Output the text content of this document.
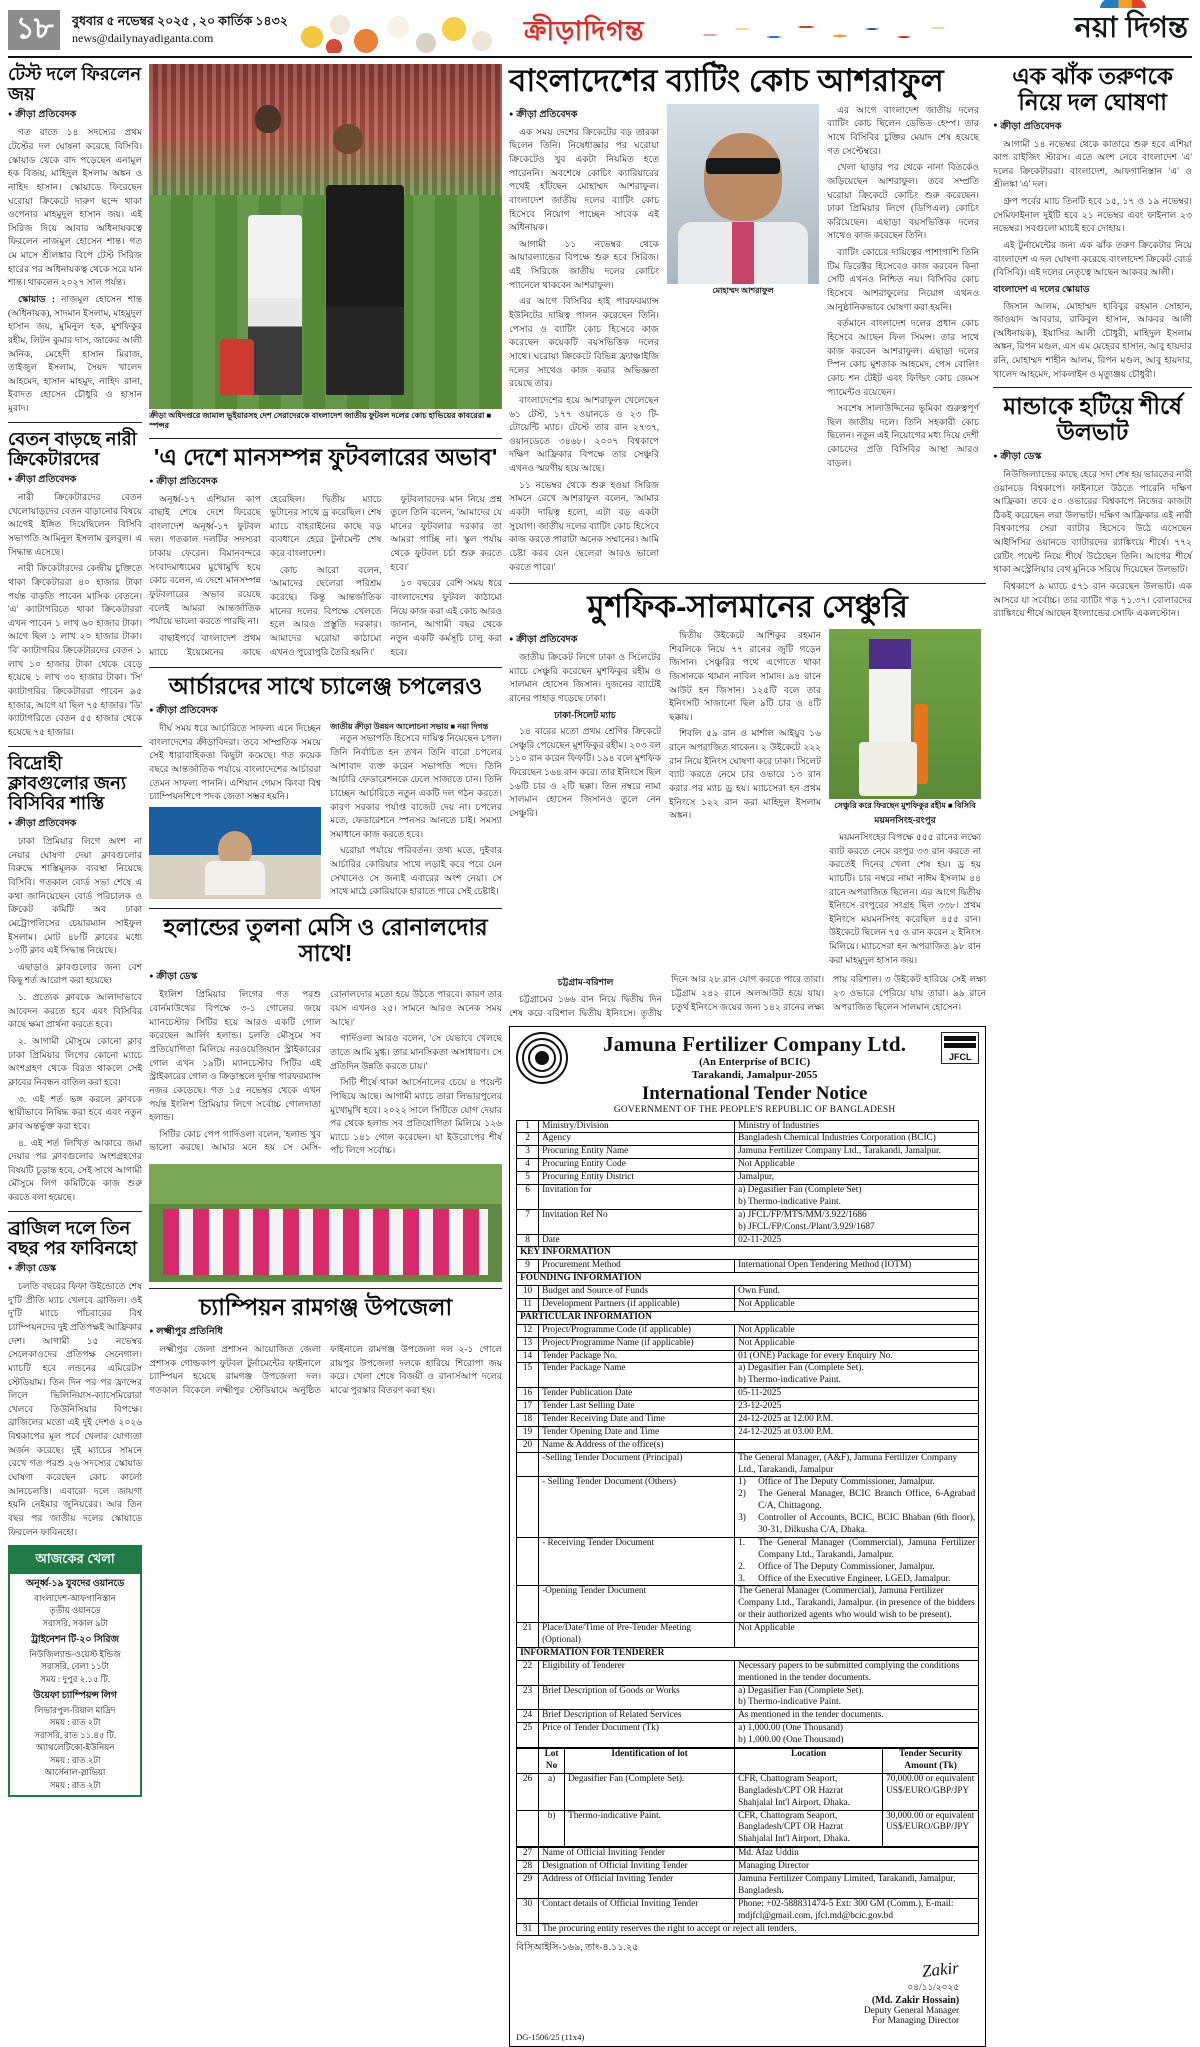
১৮	বুধবার ৫ নভেম্বর ২০২৫ , ২০ কার্তিক ১৪৩২
news@dailynayadiganta.com	ক্রীড়াদিগন্ত	নয়া দিগন্ত
টেস্ট দলে ফিরলেন জয়
● ক্রীড়া প্রতিবেদক

গত রাতে ১৪ সদস্যের প্রথম টেস্টের দল ঘোষনা করেছে বিসিবি। স্কোয়াড থেকে বাদ পড়েছেন এনামুল হক বিজয়, মাহিদুল ইসলাম অঙ্কন ও নাহিদ হাসান। স্কোয়াডে ফিরেছেন ঘরোয়া ক্রিকেটে দারুণ ছন্দে থাকা ওপেনার মাহমুদুল হাসান জয়। এই সিরিজ দিয়ে আবার অধিনায়কত্বে ফিরলেন নাজমুল হোসেন শান্ত। গত মে মাসে শ্রীলঙ্কার বিপে টেস্ট সিরিজ হারের পর অধিনায়কত্ব থেকে সরে যান শান্ত। থাকলেন ২০২৭ সাল পর্যন্ত।

স্কোয়াড : নাজমুল হোসেন শান্ত (অধিনায়ক), সাদমান ইসলাম, মাহমুদুল হাসান জয়, মুমিনুল হক, মুশফিকুর রহীম, লিটন কুমার দাস, জাকের আলী অনিক, মেহেদী হাসান মিরাজ, তাইজুল ইসলাম, সৈয়দ খালেদ আহমেদ, হাসান মাহমুদ, নাহিদ রানা, ইবাদত হোসেন চৌধুরি ও হাসান মুরাদ।

বেতন বাড়ছে নারী ক্রিকেটারদের
● ক্রীড়া প্রতিবেদক

নারী ক্রিকেটারদের বেতন খেলোয়াড়দের বেতন বাড়ানোর বিষয়ে আগেই ইঙ্গিত দিয়েছিলেন বিসিবি সভাপতি আমিনুল ইসলাম বুলবুল। এ সিদ্ধান্ত এসেছে।

নারী ক্রিকেটারদের কেন্দ্রীয় চুক্তিতে থাকা ক্রিকেটাররা ৪০ হাজার টাকা পর্যন্ত বাড়তি পাবেন মাসিক বেতনে। 'এ' ক্যাটাগরিতে থাকা ক্রিকেটাররা এখন পাবেন ১ লাখ ৬০ হাজার টাকা। আগে ছিল ১ লাখ ২০ হাজার টাকা। 'বি' ক্যাটাগরির ক্রিকেটারদের বেতন ১ লাখ ১০ হাজার টাকা থেকে বেড়ে হয়েছে ১ লাখ ৩০ হাজার টাকা। 'সি' ক্যাটাগরির ক্রিকেটাররা পাবেন ৯৫ হাজার, আগে যা ছিল ৭৫ হাজার। 'ডি' ক্যাটাগরিতে বেতন ৫৫ হাজার থেকে হয়েছে ৭৫ হাজার।

বিদ্রোহী ক্লাবগুলোর জন্য বিসিবির শাস্তি
● ক্রীড়া প্রতিবেদক

ঢাকা প্রিমিয়ার লিগে অংশ না নেয়ার ঘোষণা দেয়া ক্লাবগুলোর বিরুদ্ধে শাস্তিমূলক ব্যবস্থা নিয়েছে বিসিবি। গতকাল বোর্ড সভা শেষে এ কথা জানিয়েছেন বোর্ড পরিচালক ও ক্রিকেট কমিটি অব ঢাকা মেট্রোপলিসের চেয়ারম্যান সাইফুল ইসলাম। মোট ৪৮টি ক্লাবের মধ্যে ১৩টি ক্লাব এই সিদ্ধান্ত নিয়েছে।

এছাড়াও ক্লাবগুলোর জন্য বেশ কিছু শর্ত আরোপ করা হয়েছে।

১. প্রত্যেক ক্লাবকে আলাদাভাবে আবেদন করতে হবে এবং বিসিবির কাছে ক্ষমা প্রার্থনা করতে হবে।

২. আগামী মৌসুমে কোনো ক্লাব ঢাকা প্রিমিয়ার লিগের কোনো ম্যাচে অংশগ্রহণ থেকে বিরত থাকলে সেই ক্লাবের নিবন্ধন বাতিল করা হবে।

৩. এই শর্ত ভঙ্গ করলে ক্লাবকে স্থায়ীভাবে নিষিদ্ধ করা হবে এবং নতুন ক্লাব অন্তর্ভুক্ত করা হবে।

৪. এই শর্ত লিখিত আকারে জমা দেয়ার পর ক্লাবগুলোর অংশগ্রহণের বিষয়টি চূড়ান্ত হবে, সেই সাথে আগামী মৌসুমে লিগ কমিটিকে কাজ শুরু করতে বলা হয়েছে।

ব্রাজিল দলে তিন বছর পর ফাবিনহো
● ক্রীড়া ডেস্ক

চলতি বছরের ফিফা উইন্ডোতে শেষ দু'টি প্রীতি ম্যাচ খেলবে ব্রাজিল। ওই দু'টি ম্যাচে পাঁচবারের বিশ্ব চ্যাম্পিয়নদের দুই প্রতিপক্ষই আফ্রিকার দেশ। আগামী ১৫ নভেম্বর সেলেকাওদের প্রতিপক্ষ সেনেগাল। ম্যাচটি হবে লন্ডনের এমিরেটস স্টেডিয়াম। তিন দিন পর পর ফ্রান্সের লিলে ভিলিনিয়াস-ক্যাসেমিরোরা খেলবে তিউনিসিয়ার বিপক্ষে। ব্রাজিলের মতো এই দুই দেশও ২০২৬ বিশ্বকাপের মূল পর্বে খেলার যোগ্যতা অর্জন করেছে। দুই ম্যাচের সামনে রেখে গত পরশু ২৬ সদস্যের স্কোয়াড ঘোষণা করেছেন কোচ কার্লো আনচেলত্তি। এবারো দলে জায়গা হয়নি নেইমার জুনিয়রের। আর তিন বছর পর জাতীয় দলের স্কোয়াডে ফিরলেন ফাবিনহো।

আজকের খেলা
অনূর্ধ্ব-১৯ যুবদের ওয়ানডে
বাংলাদেশ-আফগানিস্তান
তৃতীয় ওয়ানডে
সরাসরি, সকাল ৯টা
ট্রাইনেশন টি-২০ সিরিজ
নিউজিল্যান্ড-ওয়েস্ট ইন্ডিজ
সরাসরি, বেলা ১১টা
সময় : দুপুর ২.১৫ টি.
উয়েফা চ্যাম্পিয়ন্স লিগ
লিভারপুল-রিয়াল মাদ্রিদ
সময় : রাত ২টা
সরাসরি, রাত ১১.৪৫ টি.
অ্যাথলেটিকো-ইউনিয়ন
সময় : রাত ২টা
আর্সেনাল-স্লাভিয়া
সময় : রাত ২টা
ক্রীড়া অধিদপ্তরে জামাল ভূইয়ারসহ দেশ সেরাদেরকে বাংলাদেশ জাতীয় ফুটবল দলের কোচ হাভিয়ের কাবরেরা ■ স্পন্সর
'এ দেশে মানসম্পন্ন ফুটবলারের অভাব'
● ক্রীড়া প্রতিবেদক

অনূর্ধ্ব-১৭ এশিয়ান কাপ বাছাই শেষে দেশে ফিরেছে বাংলাদেশ অনূর্ধ্ব-১৭ ফুটবল দল। গতকাল দলটির সদস্যরা ঢাকায় ফেরেন। বিমানবন্দরে সংবাদমাধ্যমের মুখোমুখি হয়ে কোচ বলেন, এ দেশে মানসম্পন্ন ফুটবলারের অভাব রয়েছে বলেই আমরা আন্তর্জাতিক পর্যায়ে ভালো করতে পারছি না।

বাছাইপর্বে বাংলাদেশ প্রথম ম্যাচে ইয়েমেনের কাছে হেরেছিল। দ্বিতীয় ম্যাচে ভুটানের সাথে ড্র করেছিল। শেষ ম্যাচে বাহরাইনের কাছে বড় ব্যবধানে হেরে টুর্নামেন্ট শেষ করে বাংলাদেশ।

কোচ আরো বলেন, 'আমাদের ছেলেরা পরিশ্রম করেছে। কিন্তু আন্তর্জাতিক মানের দলের বিপক্ষে খেলতে হলে আরও প্রস্তুতি দরকার। আমাদের ঘরোয়া কাঠামো এখনও পুরোপুরি তৈরি হয়নি।'

ফুটবলারদের মান নিয়ে প্রশ্ন তুলে তিনি বলেন, 'আমাদের যে মানের ফুটবলার দরকার তা আমরা পাচ্ছি না। স্কুল পর্যায় থেকে ফুটবল চর্চা শুরু করতে হবে।'

১০ বছরের বেশি সময় ধরে বাংলাদেশের ফুটবল কাঠামো নিয়ে কাজ করা এই কোচ আরও জানান, আগামী বছর থেকে নতুন একটি কর্মসূচি চালু করা হবে।

আর্চারদের সাথে চ্যালেঞ্জ চপলেরও
● ক্রীড়া প্রতিবেদক

দীর্ঘ সময় ধরে আর্চারিতে সাফল্য এনে দিচ্ছেন বাংলাদেশের ক্রীড়াবিদরা। তবে সাম্প্রতিক সময়ে সেই ধারাবাহিকতা কিছুটা কমেছে। গত কয়েক বছরে আন্তর্জাতিক পর্যায়ে বাংলাদেশের আর্চাররা তেমন সাফল্য পাননি। এশিয়ান গেমস কিংবা বিশ্ব চ্যাম্পিয়নশিপে পদক জেতা সম্ভব হয়নি।

জাতীয় ক্রীড়া উন্নয়ন আলোচনা সভায় ■ নয়া দিগন্ত

নতুন সভাপতি হিসেবে দায়িত্ব নিয়েছেন চপল। তিনি নির্বাচিত হন তখন তিনি বারো চপলের আশাবাদ ব্যক্ত করেন সভাপতি পদে। তিনি আর্চারি ফেডারেশনকে ঢেলে সাজাতে চান। তিনি চাচ্ছেন আর্চারিতে নতুন একটি দল গঠন করতে। কারণ সরকার পর্যাপ্ত বাজেট দেয় না। চপলের মতে, ফেডারেশনে স্পনসর আনতে চাই। সমস্যা সমাধানে কাজ করতে হবে।

ঘরোয়া পর্যায়ে পরিবর্তন। তথ্য মতে, দুইবার আর্চারির কোরিয়ার সাথে লড়াই করে পরে যেন সেখানেও সে জন্যই এবারের অংশ নেয়া। সে সাথে মাঠে কোরিয়াকে হারাতে পারে সেই চেষ্টাই।

হলান্ডের তুলনা মেসি ও রোনালদোর সাথে!
● ক্রীড়া ডেস্ক

ইংলিশ প্রিমিয়ার লিগের গত পরশু বোর্নমাউথের বিপক্ষে ৩-১ গোলের জয়ে ম্যানচেস্টার সিটির হয়ে আরও একটি গোল করেছেন আর্লিং হলান্ড। চলতি মৌসুমে সব প্রতিযোগিতা মিলিয়ে নরওয়েজিয়ান স্ট্রাইকারের গোল এখন ১৯টি। ম্যানচেস্টার সিটির এই স্ট্রাইকারের গোল ও ক্রিড়াস্থলে দুর্দান্ত পারফরম্যান্স নজর কেড়েছে। গত ১৫ নভেম্বর থেকে এখন পর্যন্ত ইংলিশ প্রিমিয়ার লিগে সর্বোচ্চ গোলদাতা হলান্ড।

সিটির কোচ পেপ গার্দিওলা বলেন, 'হলান্ড খুব ভালো করছে। আমার মনে হয় সে মেসি-রোনালদোর মতো হয়ে উঠতে পারবে। কারণ তার বয়স এখনও ২৫। সামনে আরও অনেক সময় আছে।'

গার্দিওলা আরও বলেন, 'সে যেভাবে খেলছে তাতে আমি মুগ্ধ। তার মানসিকতা অসাধারণ। সে প্রতিদিন উন্নতি করতে চায়।'

সিটি শীর্ষে থাকা আর্সেনালের চেয়ে ৪ পয়েন্ট পিছিয়ে আছে। আগামী ম্যাচে তারা লিভারপুলের মুখোমুখি হবে। ২০২২ সালে সিটিতে যোগ দেয়ার পর থেকে হলান্ড সব প্রতিযোগিতা মিলিয়ে ১২৬ ম্যাচে ১৪১ গোল করেছেন। যা ইউরোপের শীর্ষ পাঁচ লিগে সর্বোচ্চ।

চ্যাম্পিয়ন রামগঞ্জ উপজেলা
● লক্ষ্মীপুর প্রতিনিধি

লক্ষ্মীপুর জেলা প্রশাসন আয়োজিত জেলা প্রশাসক গোল্ডকাপ ফুটবল টুর্নামেন্টের ফাইনালে চ্যাম্পিয়ন হয়েছে রামগঞ্জ উপজেলা দল। গতকাল বিকেলে লক্ষ্মীপুর স্টেডিয়ামে অনুষ্ঠিত ফাইনালে রামগঞ্জ উপজেলা দল ২-১ গোলে রায়পুর উপজেলা দলকে হারিয়ে শিরোপা জয় করে। খেলা শেষে বিজয়ী ও রানার্সআপ দলের মাঝে পুরস্কার বিতরণ করা হয়।

বাংলাদেশের ব্যাটিং কোচ আশরাফুল
● ক্রীড়া প্রতিবেদক

এক সময় দেশের ক্রিকেটের বড় তারকা ছিলেন তিনি। নিষেধাজ্ঞার পর ঘরোয়া ক্রিকেটেও খুব একটা নিয়মিত হতে পারেননি। অবশেষে কোচিং ক্যারিয়ারের পথেই হাঁটছেন মোহাম্মদ আশরাফুল। বাংলাদেশ জাতীয় দলের ব্যাটিং কোচ হিসেবে নিয়োগ পাচ্ছেন সাবেক এই অধিনায়ক।

আগামী ১১ নভেম্বর থেকে আয়ারল্যান্ডের বিপক্ষে শুরু হবে সিরিজ। এই সিরিজে জাতীয় দলের কোচিং প্যানেলে থাকবেন আশরাফুল।

এর আগে বিসিবির হাই পারফরম্যান্স ইউনিটের দায়িত্ব পালন করেছেন তিনি। পেসার ও ব্যাটিং কোচ হিসেবে কাজ করেছেন কয়েকটি বয়সভিত্তিক দলের সাথে। ঘরোয়া ক্রিকেটে বিভিন্ন ফ্র্যাঞ্চাইজি দলের সাথেও কাজ করার অভিজ্ঞতা রয়েছে তার।

বাংলাদেশের হয়ে আশরাফুল খেলেছেন ৬১ টেস্ট, ১৭৭ ওয়ানডে ও ২৩ টি-টোয়েন্টি ম্যাচ। টেস্টে তার রান ২৭৩৭, ওয়ানডেতে ৩৪৬৮। ২০০৭ বিশ্বকাপে দক্ষিণ আফ্রিকার বিপক্ষে তার সেঞ্চুরি এখনও স্মরণীয় হয়ে আছে।

১১ নভেম্বর থেকে শুরু হওয়া সিরিজ সামনে রেখে আশরাফুল বলেন, 'আমার একটা দায়িত্ব হলো, এটা বড় একটা সুযোগ। জাতীয় দলের ব্যাটিং কোচ হিসেবে কাজ করতে পারাটা অনেক সম্মানের। আমি চেষ্টা করব যেন ছেলেরা আরও ভালো করতে পারে।'

মোহাম্মদ আশরাফুল

এর আগে বাংলাদেশ জাতীয় দলের ব্যাটিং কোচ ছিলেন ডেভিড হেম্প। তার সাথে বিসিবির চুক্তির মেয়াদ শেষ হয়েছে গত সেপ্টেম্বরে।

খেলা ছাড়ার পর থেকে নানা বিতর্কেও জড়িয়েছেন আশরাফুল। তবে সম্প্রতি ঘরোয়া ক্রিকেটে কোচিং শুরু করেছেন। ঢাকা প্রিমিয়ার লিগে (ডিপিএল) কোচিং করিয়েছেন। এছাড়া বয়সভিত্তিক দলের সাথেও কাজ করেছেন তিনি।

ব্যাটিং কোচের দায়িত্বের পাশাপাশি তিনি টিম ডিরেক্টর হিসেবেও কাজ করবেন কিনা সেটি এখনও নিশ্চিত নয়। বিসিবির কোচ হিসেবে আশরাফুলের নিয়োগ এখনও আনুষ্ঠানিকভাবে ঘোষণা করা হয়নি।

বর্তমানে বাংলাদেশ দলের প্রধান কোচ হিসেবে আছেন ফিল সিমন্স। তার সাথে কাজ করবেন আশরাফুল। এছাড়া দলের স্পিন কোচ মুশতাক আহমেদ, পেস বোলিং কোচ শন টেইট এবং ফিল্ডিং কোচ জেমস প্যামেন্টও রয়েছেন।

সবশেষ সালাউদ্দিনের ভূমিকা গুরুত্বপূর্ণ ছিল জাতীয় দলে। তিনি সহকারী কোচ ছিলেন। নতুন এই নিয়োগের মধ্য দিয়ে দেশী কোচদের প্রতি বিসিবির আস্থা আরও বাড়ল।

মুশফিক-সালমানের সেঞ্চুরি
● ক্রীড়া প্রতিবেদক

জাতীয় ক্রিকেট লিগে ঢাকা ও সিলেটের ম্যাচে সেঞ্চুরি করেছেন মুশফিকুর রহীম ও সালমান হোসেন জিসান। দুজনের ব্যাটেই রানের পাহাড় গড়েছে ঢাকা।

ঢাকা-সিলেট ম্যাচ

১৪ বারের মতো প্রথম শ্রেণির ক্রিকেটে সেঞ্চুরি পেয়েছেন মুশফিকুর রহীম। ২০৩ বল ১১০ রান করেন ফিফটি। ১৯৪ বলে মুশফিক ফিরেছেন ১৬৪ রান করে। তার ইনিংসে ছিল ১৬টি চার ও ২টি ছক্কা। তিন নম্বরে নামা সালমান হোসেন জিসানও তুলে নেন সেঞ্চুরি।

দ্বিতীয় উইকেটে আশিকুর রহমান শিবলিকে নিয়ে ৭৭ রানের জুটি গড়েন জিসান। সেঞ্চুরির পথে এগোতে থাকা জিসানকে থামান নাবিল সামাদ। ৯৪ রানে আউট হন জিসান। ১২৫টি বলে তার ইনিংসটি সাজানো ছিল ৯টি চার ও ৪টি ছক্কায়।

শিবলি ৫৯ রান ও মার্শাল আইয়ুব ১৬ রানে অপরাজিত থাকেন। ২ উইকেটে ২২২ রান নিয়ে ইনিংস ঘোষণা করে ঢাকা। সিলেট ব্যাট করতে নেমে চার ওভারে ১৩ রান করার পর ম্যাচ ড্র হয়। ম্যাচসেরা হন প্রথম ইনিংসে ১২২ রান করা মাহিদুল ইসলাম অঙ্কন।

সেঞ্চুরি করে ফিরছেন মুশফিকুর রহীম ■ বিসিবি

ময়মনসিংহ-রংপুর

ময়মনসিংহের বিপক্ষে ৫৫৫ রানের লক্ষ্যে ব্যাট করতে নেমে রংপুর ৩৩ রান করতে না করতেই দিনের খেলা শেষ হয়। ড্র হয় ম্যাচটি। চার নম্বরে নামা নাঈম ইসলাম ৪৪ রানে অপরাজিত ছিলেন। এর আগে দ্বিতীয় ইনিংসে রংপুরের সংগ্রহ ছিল ৩৩৮। প্রথম ইনিংসে ময়মনসিংহ করেছিল ৪৫৫ রান। উইকেটে ছিলেন ৭৫ ও রান করেন ২ ইনিংস মিলিয়ে। ম্যাচসেরা হন অপরাজিত ৯৮ রান করা মাহমুদুল হাসান জয়।

চট্টগ্রাম-বরিশাল

চট্টগ্রামের ১৬৬ রান নিয়ে দ্বিতীয় দিন শেষ করে বরিশাল দ্বিতীয় ইনিংসে। তৃতীয় দিনে আর ২৮ রান যোগ করতে পারে তারা। চট্টগ্রাম ২৪২ রানে অলআউট হয়ে যায়। চতুর্থ ইনিংসে জয়ের জন্য ১৪২ রানের লক্ষ্য পায় বরিশাল। ৩ উইকেট হারিয়ে সেই লক্ষ্য ২৩ ওভারে পেরিয়ে যায় তারা। ৯৯ রানে অপরাজিত ছিলেন সালমান হোসেন।

Jamuna Fertilizer Company Ltd.
(An Enterprise of BCIC)
Tarakandi, Jamalpur-2055
International Tender Notice
GOVERNMENT OF THE PEOPLE'S REPUBLIC OF BANGLADESH
JFCL
1	Ministry/Division	Ministry of Industries

2	Agency	Bangladesh Chemical Industries Corporation (BCIC)

3	Procuring Entity Name	Jamuna Fertilizer Company Ltd., Tarakandi, Jamalpur.

4	Procuring Entity Code	Not Applicable

5	Procuring Entity District	Jamalpur,

6	Invitation for	a) Degasifier Fan (Complete Set)
b) Thermo-indicative Paint.

7	Invitation Ref No	a) JFCL/FP/MTS/MM/3.922/1686
b) JFCL/FP/Const./Plant/3.929/1687

8	Date	02-11-2025

KEY INFORMATION		
9	Procurement Method	International Open Tendering Method (IOTM)

FOUNDING INFORMATION		
10	Budget and Source of Funds	Own Fund.

11	Development Partners (if applicable)	Not Applicable

PARTICULAR INFORMATION		
12	Project/Programme Code (if applicable)	Not Applicable

13	Project/Programme Name (if applicable)	Not Applicable

14	Tender Package No.	01 (ONE) Package for every Enquiry No.

15	Tender Package Name	a) Degasifier Fan (Complete Set).
b) Thermo-indicative Paint.

16	Tender Publication Date	05-11-2025

17	Tender Last Selling Date	23-12-2025

18	Tender Receiving Date and Time	24-12-2025 at 12.00 P.M.

19	Tender Opening Date and Time	24-12-2025 at 03.00 P.M.

20	Name & Address of the office(s)	

	-Selling Tender Document (Principal)	The General Manager, (A&F), Jamuna Fertilizer Company Ltd., Tarakandi, Jamalpur

	- Selling Tender Document (Others)	1)	Office of The Deputy Commissioner, Jamalpur.
2)	The General Manager, BCIC Branch Office, 6-Agrabad C/A, Chittagong.
3)	Controller of Accounts, BCIC, BCIC Bhaban (6th floor), 30-31, Dilkusha C/A, Dhaka.

	- Receiving Tender Document	1.	The General Manager (Commercial), Jamuna Fertilizer Company Ltd., Tarakandi, Jamalpur.
2.	Office of The Deputy Commissioner, Jamalpur.
3.	Office of the Executive Engineer, LGED, Jamalpur.

	-Opening Tender Document	The General Manager (Commercial), Jamuna Fertilizer Company Ltd., Tarakandi, Jamalpur. (in presence of the bidders or their authorized agents who would wish to be present).

21	Place/Date/Time of Pre-Tender Meeting (Optional)	Not Applicable

INFORMATION FOR TENDERER		
22	Eligibility of Tenderer	Necessary papers to be submitted complying the conditions mentioned in the tender documents.

23	Brief Description of Goods or Works	a) Degasifier Fan (Complete Set).
b) Thermo-indicative Paint.

24	Brief Description of Related Services	As mentioned in the tender documents.

25	Price of Tender Document (Tk)	a) 1,000.00 (One Thousand)
b) 1,000.00 (One Thousand)
	Lot No	Identification of lot	Location	Tender Security Amount (Tk)
26	a)	Degasifier Fan (Complete Set).	CFR, Chattogram Seaport, Bangladesh/CPT OR Hazrat Shahjalal Int'l Airport, Dhaka.	70,000.00 or equivalent US$/EURO/GBP/JPY
	b)	Thermo-indicative Paint.	CFR, Chattogram Seaport, Bangladesh/CPT OR Hazrat Shahjalal Int'l Airport, Dhaka.	30,000.00 or equivalent US$/EURO/GBP/JPY
27	Name of Official Inviting Tender	Md. Afaz Uddin

28	Designation of Official Inviting Tender	Managing Director

29	Address of Official Inviting Tender	Jamuna Fertilizer Company Limited, Tarakandi, Jamalpur, Bangladesh.

30	Contact details of Official Inviting Tender	Phone: +02-588831474-5 Ext: 300 GM (Comm.), E-mail: mdjfcl@gmail.com, jfcl.md@bcic.gov.bd

31	The procuring entity reserves the right to accept or reject all tenders.	
বিসিআইসি-১৬৯, তাং-৪.১১.২৫
Zakir
০৪/১১/২০২৫
(Md. Zakir Hossain)
Deputy General Manager
For Managing Director
DG-1506/25 (11x4)
এক ঝাঁক তরুণকে নিয়ে দল ঘোষণা
● ক্রীড়া প্রতিবেদক

আগামী ১৪ নভেম্বর থেকে কাতারে শুরু হবে এশিয়া কাপ রাইজিং স্টারস। এতে অংশ নেবে বাংলাদেশ 'এ' দলের ক্রিকেটাররা। বাংলাদেশ, আফগানিস্তান 'এ' ও শ্রীলঙ্কা 'এ' দল।

গ্রুপ পর্বের ম্যাচ তিনটি হবে ১৫, ১৭ ও ১৯ নভেম্বর। সেমিফাইনাল দুইটি হবে ২১ নভেম্বর এবং ফাইনাল ২৩ নভেম্বর। সবগুলো ম্যাচই হবে দোহায়।

এই টুর্নামেন্টের জন্য এক ঝাঁক তরুণ ক্রিকেটার নিয়ে বাংলাদেশ এ দল ঘোষণা করেছে বাংলাদেশ ক্রিকেট বোর্ড (বিসিবি)। এই দলের নেতৃত্বে আছেন আকবর আলী।

বাংলাদেশ এ দলের স্কোয়াড

জিসান আলম, মোহাম্মদ হাবিবুর রহমান সোহান, জাওয়াদ আবরার, রাকিবুল হাসান, আকবর আলী (অধিনায়ক), ইয়াসির আলী চৌধুরী, মাহিদুল ইসলাম অঙ্কন, রিপন মণ্ডল, এস এম মেহেরব হাসান, আবু হায়দার রনি, মোহাম্মদ শাহীন আলম, রিপন মণ্ডল, আবু হায়দার, খালেদ আহমেদ, সাকলাইন ও মৃত্যুঞ্জয় চৌধুরী।

মান্ডাকে হটিয়ে শীর্ষে উলভাট
● ক্রীড়া ডেস্ক

নিউজিল্যান্ডের কাছে হেরে সদা শেষ হয় ভারতের নারী ওয়ানডে বিশ্বকাপে। ফাইনালে উঠতে পারেনি দক্ষিণ আফ্রিকা। তবে ৫০ ওভারের বিশ্বকাপে নিজের কাজটা ঠিকই করেছেন লরা উলভাট। দক্ষিণ আফ্রিকার এই নারী বিশ্বকাপের সেরা ব্যাটার হিসেবে উঠে এসেছেন আইসিসির ওয়ানডে ব্যাটারদের র‍্যাঙ্কিংয়ে শীর্ষে। ৭৭২ রেটিং পয়েন্ট নিয়ে শীর্ষে উঠেছেন তিনি। আগের শীর্ষে থাকা অস্ট্রেলিয়ার বেথ মুনিকে সরিয়ে দিয়েছেন উলভাট।

বিশ্বকাপে ৯ ম্যাচে ৫৭১ রান করেছেন উলভাট। এক আসরে যা সর্বোচ্চ। তার ব্যাটিং গড় ৭১.৩৭। বোলারদের র‍্যাঙ্কিংয়ে শীর্ষে আছেন ইংল্যান্ডের সোফি একলস্টোন।
